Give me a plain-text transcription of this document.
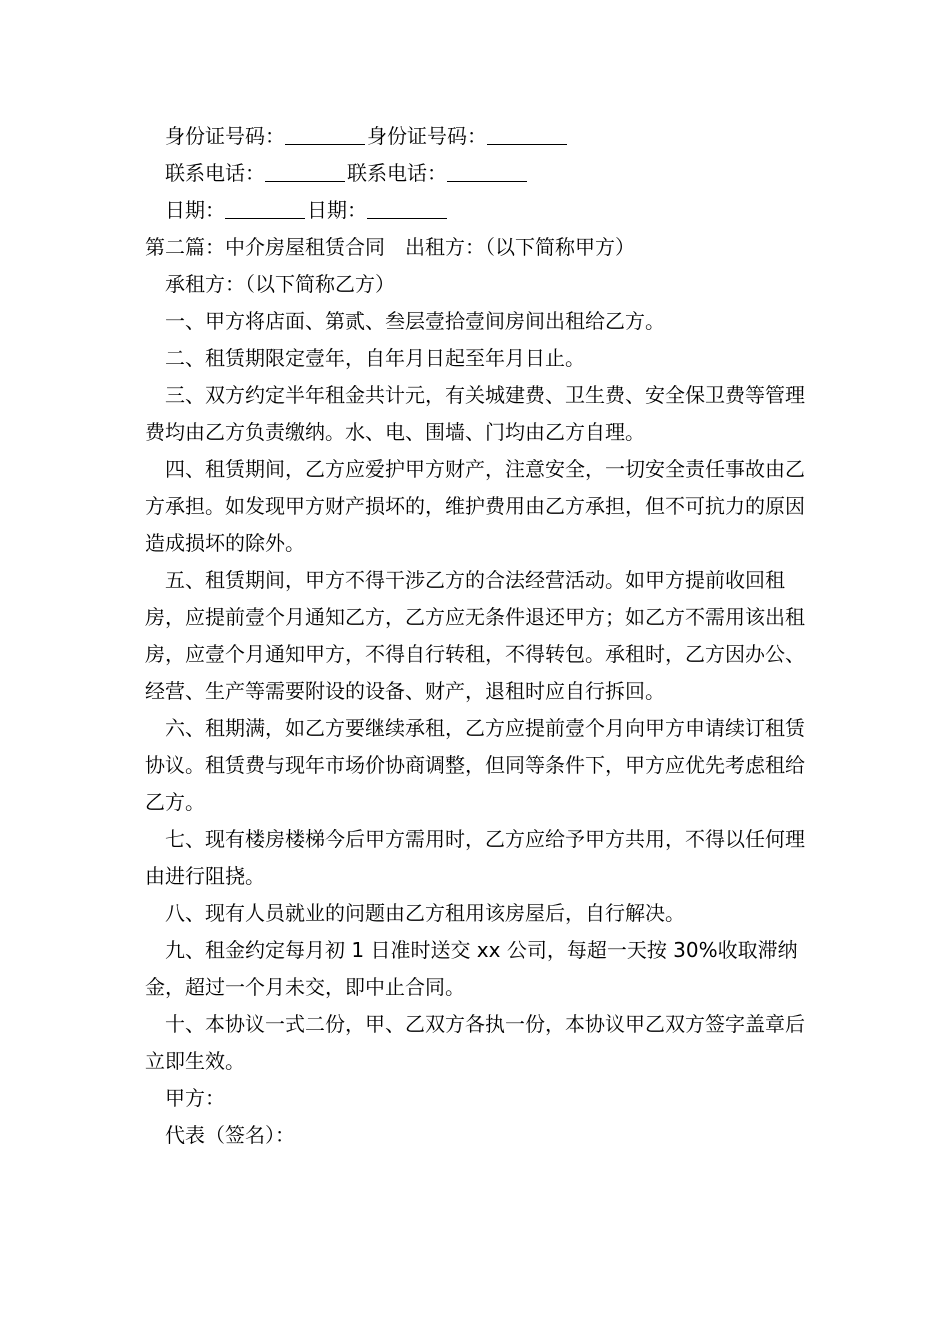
身份证号码：	身份证号码：

联系电话：	联系电话：

日期：	日期：

第二篇：中介房屋租赁合同　出租方：（以下简称甲方）

承租方：（以下简称乙方）

一、甲方将店面、第贰、叁层壹拾壹间房间出租给乙方。

二、租赁期限定壹年，自年月日起至年月日止。

三、双方约定半年租金共计元，有关城建费、卫生费、安全保卫费等管理费均由乙方负责缴纳。水、电、围墙、门均由乙方自理。

四、租赁期间，乙方应爱护甲方财产，注意安全，一切安全责任事故由乙方承担。如发现甲方财产损坏的，维护费用由乙方承担，但不可抗力的原因造成损坏的除外。

五、租赁期间，甲方不得干涉乙方的合法经营活动。如甲方提前收回租房，应提前壹个月通知乙方，乙方应无条件退还甲方；如乙方不需用该出租房，应壹个月通知甲方，不得自行转租，不得转包。承租时，乙方因办公、经营、生产等需要附设的设备、财产，退租时应自行拆回。

六、租期满，如乙方要继续承租，乙方应提前壹个月向甲方申请续订租赁协议。租赁费与现年市场价协商调整，但同等条件下，甲方应优先考虑租给乙方。

七、现有楼房楼梯今后甲方需用时，乙方应给予甲方共用，不得以任何理由进行阻挠。

八、现有人员就业的问题由乙方租用该房屋后，自行解决。

九、租金约定每月初 1 日准时送交 xx 公司，每超一天按 30%收取滞纳金，超过一个月未交，即中止合同。

十、本协议一式二份，甲、乙双方各执一份，本协议甲乙双方签字盖章后立即生效。

甲方：

代表（签名）：
